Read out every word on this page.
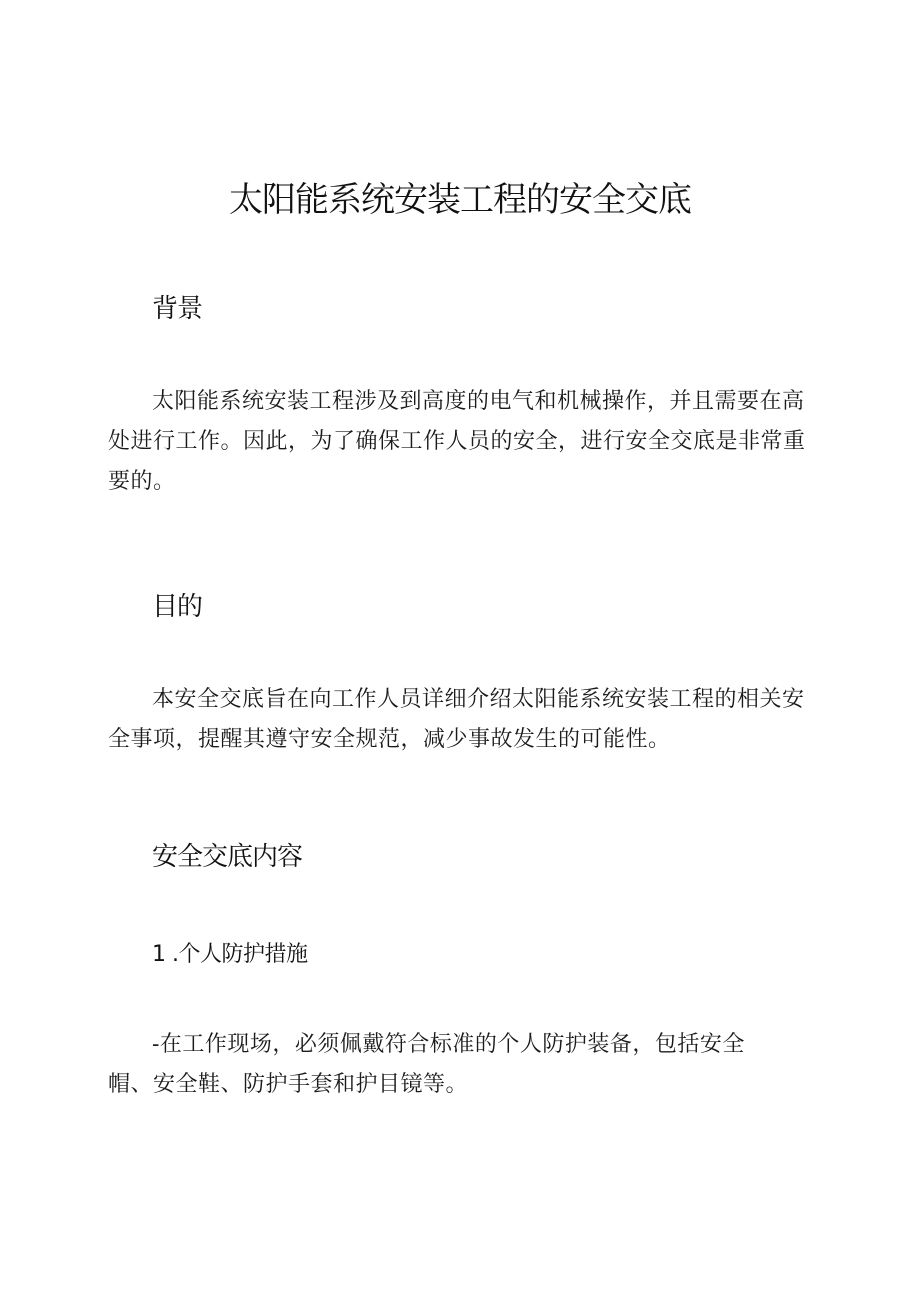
太阳能系统安装工程的安全交底
背景

太阳能系统安装工程涉及到高度的电气和机械操作，并且需要在高处进行工作。因此，为了确保工作人员的安全，进行安全交底是非常重要的。

目的

本安全交底旨在向工作人员详细介绍太阳能系统安装工程的相关安全事项，提醒其遵守安全规范，减少事故发生的可能性。

安全交底内容
1 .个人防护措施

-在工作现场，必须佩戴符合标准的个人防护装备，包括安全帽、安全鞋、防护手套和护目镜等。
